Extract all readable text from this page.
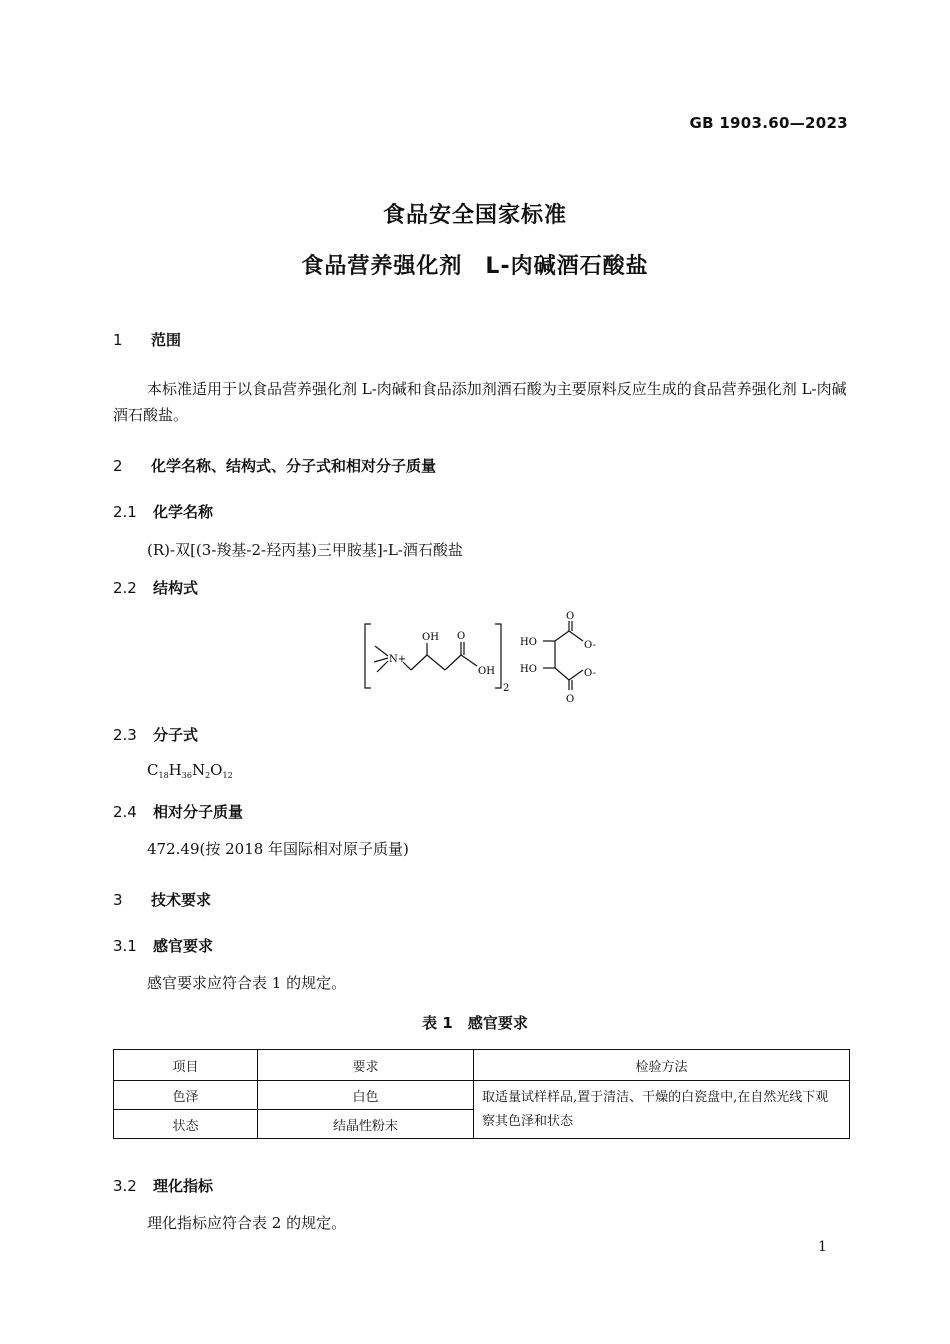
GB 1903.60—2023
食品安全国家标准
食品营养强化剂　L-肉碱酒石酸盐
1 范围
本标准适用于以食品营养强化剂 L-肉碱和食品添加剂酒石酸为主要原料反应生成的食品营养强化剂 L-肉碱酒石酸盐。
2 化学名称、结构式、分子式和相对分子质量
2.1 化学名称
(R)-双[(3-羧基-2-羟丙基)三甲胺基]-L-酒石酸盐
2.2 结构式
OH
N+
O
OH
2
HO
HO
O
O-
O-
O
2.3 分子式
$C_{18}H_{36}N_2O_{12}$
2.4 相对分子质量
472.49(按 2018 年国际相对原子质量)
3 技术要求
3.1 感官要求
感官要求应符合表 1 的规定。
表 1　感官要求
项目	要求	检验方法
色泽	白色	取适量试样样品,置于清洁、干燥的白瓷盘中,在自然光线下观察其色泽和状态
状态	结晶性粉末	
3.2 理化指标
理化指标应符合表 2 的规定。
1
